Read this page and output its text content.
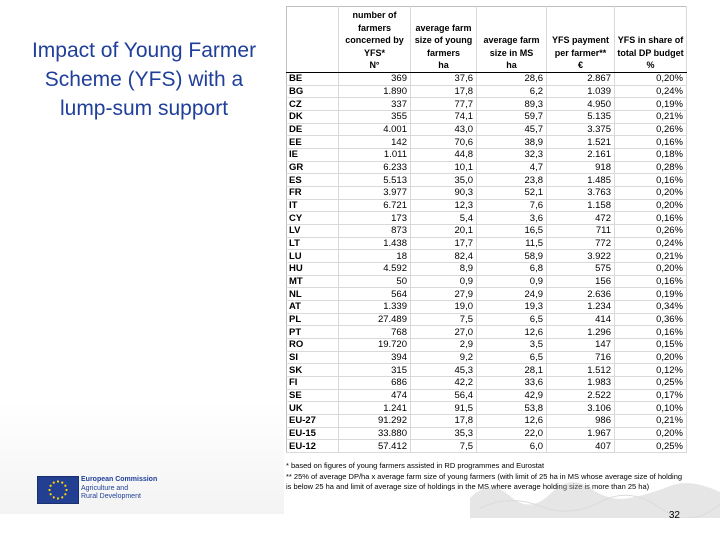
Impact of Young Farmer Scheme (YFS) with a lump-sum support
	number of farmers concerned by YFS*	average farm size of young farmers	average farm size in MS	YFS payment per farmer**	YFS in share of total DP budget
	N°	ha	ha	€	%
BE	369	37,6	28,6	2.867	0,20%
BG	1.890	17,8	6,2	1.039	0,24%
CZ	337	77,7	89,3	4.950	0,19%
DK	355	74,1	59,7	5.135	0,21%
DE	4.001	43,0	45,7	3.375	0,26%
EE	142	70,6	38,9	1.521	0,16%
IE	1.011	44,8	32,3	2.161	0,18%
GR	6.233	10,1	4,7	918	0,28%
ES	5.513	35,0	23,8	1.485	0,16%
FR	3.977	90,3	52,1	3.763	0,20%
IT	6.721	12,3	7,6	1.158	0,20%
CY	173	5,4	3,6	472	0,16%
LV	873	20,1	16,5	711	0,26%
LT	1.438	17,7	11,5	772	0,24%
LU	18	82,4	58,9	3.922	0,21%
HU	4.592	8,9	6,8	575	0,20%
MT	50	0,9	0,9	156	0,16%
NL	564	27,9	24,9	2.636	0,19%
AT	1.339	19,0	19,3	1.234	0,34%
PL	27.489	7,5	6,5	414	0,36%
PT	768	27,0	12,6	1.296	0,16%
RO	19.720	2,9	3,5	147	0,15%
SI	394	9,2	6,5	716	0,20%
SK	315	45,3	28,1	1.512	0,12%
FI	686	42,2	33,6	1.983	0,25%
SE	474	56,4	42,9	2.522	0,17%
UK	1.241	91,5	53,8	3.106	0,10%
EU-27	91.292	17,8	12,6	986	0,21%
EU-15	33.880	35,3	22,0	1.967	0,20%
EU-12	57.412	7,5	6,0	407	0,25%

* based on figures of young farmers assisted in RD programmes and Eurostat

** 25% of average DP/ha x average farm size of young farmers (with limit of 25 ha in MS whose average size of holding is below 25 ha and limit of average size of holdings in the MS where average holding size is more than 25 ha)

European Commission
Agriculture and
Rural Development
32
